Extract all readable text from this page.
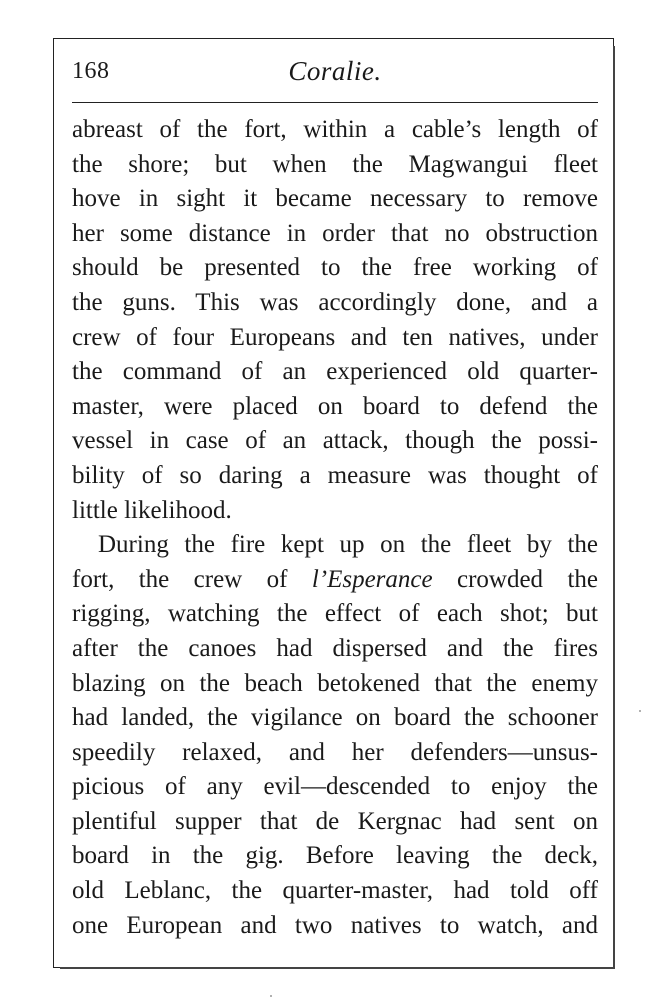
168	Coralie.
abreast of the fort, within a cable’s length of
the shore; but when the Magwangui fleet
hove in sight it became necessary to remove
her some distance in order that no obstruction
should be presented to the free working of
the guns. This was accordingly done, and a
crew of four Europeans and ten natives, under
the command of an experienced old quarter-
master, were placed on board to defend the
vessel in case of an attack, though the possi-
bility of so daring a measure was thought of
little likelihood.
During the fire kept up on the fleet by the
fort, the crew of l’Esperance crowded the
rigging, watching the effect of each shot; but
after the canoes had dispersed and the fires
blazing on the beach betokened that the enemy
had landed, the vigilance on board the schooner
speedily relaxed, and her defenders—unsus-
picious of any evil—descended to enjoy the
plentiful supper that de Kergnac had sent on
board in the gig. Before leaving the deck,
old Leblanc, the quarter-master, had told off
one European and two natives to watch, and
